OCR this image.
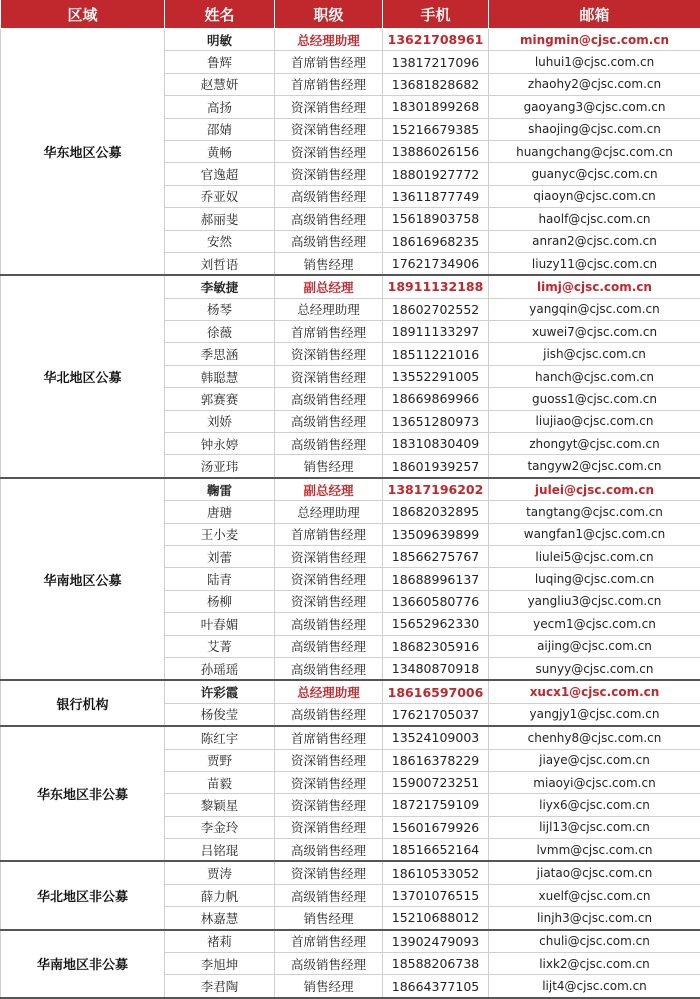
区域	姓名	职级	手机	邮箱
华东地区公募	明敏	总经理助理	13621708961	mingmin@cjsc.com.cn
	鲁辉	首席销售经理	13817217096	luhui1@cjsc.com.cn
	赵慧妍	首席销售经理	13681828682	zhaohy2@cjsc.com.cn
	高扬	资深销售经理	18301899268	gaoyang3@cjsc.com.cn
	邵婧	资深销售经理	15216679385	shaojing@cjsc.com.cn
	黄畅	资深销售经理	13886026156	huangchang@cjsc.com.cn
	官逸超	资深销售经理	18801927772	guanyc@cjsc.com.cn
	乔亚奴	高级销售经理	13611877749	qiaoyn@cjsc.com.cn
	郝丽斐	高级销售经理	15618903758	haolf@cjsc.com.cn
	安然	高级销售经理	18616968235	anran2@cjsc.com.cn
	刘哲语	销售经理	17621734906	liuzy11@cjsc.com.cn
华北地区公募	李敏捷	副总经理	18911132188	limj@cjsc.com.cn
	杨琴	总经理助理	18602702552	yangqin@cjsc.com.cn
	徐薇	首席销售经理	18911133297	xuwei7@cjsc.com.cn
	季思涵	资深销售经理	18511221016	jish@cjsc.com.cn
	韩聪慧	资深销售经理	13552291005	hanch@cjsc.com.cn
	郭赛赛	高级销售经理	18669869966	guoss1@cjsc.com.cn
	刘娇	高级销售经理	13651280973	liujiao@cjsc.com.cn
	钟永婷	高级销售经理	18310830409	zhongyt@cjsc.com.cn
	汤亚玮	销售经理	18601939257	tangyw2@cjsc.com.cn
华南地区公募	鞠雷	副总经理	13817196202	julei@cjsc.com.cn
	唐瑭	总经理助理	18682032895	tangtang@cjsc.com.cn
	王小麦	首席销售经理	13509639899	wangfan1@cjsc.com.cn
	刘蕾	资深销售经理	18566275767	liulei5@cjsc.com.cn
	陆青	资深销售经理	18688996137	luqing@cjsc.com.cn
	杨柳	资深销售经理	13660580776	yangliu3@cjsc.com.cn
	叶春媚	高级销售经理	15652962330	yecm1@cjsc.com.cn
	艾菁	高级销售经理	18682305916	aijing@cjsc.com.cn
	孙瑶瑶	高级销售经理	13480870918	sunyy@cjsc.com.cn
银行机构	许彩霞	总经理助理	18616597006	xucx1@cjsc.com.cn
	杨俊莹	高级销售经理	17621705037	yangjy1@cjsc.com.cn
华东地区非公募	陈红宇	首席销售经理	13524109003	chenhy8@cjsc.com.cn
	贾野	资深销售经理	18616378229	jiaye@cjsc.com.cn
	苗毅	资深销售经理	15900723251	miaoyi@cjsc.com.cn
	黎颖星	资深销售经理	18721759109	liyx6@cjsc.com.cn
	李金玲	资深销售经理	15601679926	lijl13@cjsc.com.cn
	吕铭琨	高级销售经理	18516652164	lvmm@cjsc.com.cn
华北地区非公募	贾涛	资深销售经理	18610533052	jiatao@cjsc.com.cn
	薛力帆	高级销售经理	13701076515	xuelf@cjsc.com.cn
	林嘉慧	销售经理	15210688012	linjh3@cjsc.com.cn
华南地区非公募	褚莉	首席销售经理	13902479093	chuli@cjsc.com.cn
	李旭坤	高级销售经理	18588206738	lixk2@cjsc.com.cn
	李君陶	销售经理	18664377105	lijt4@cjsc.com.cn
